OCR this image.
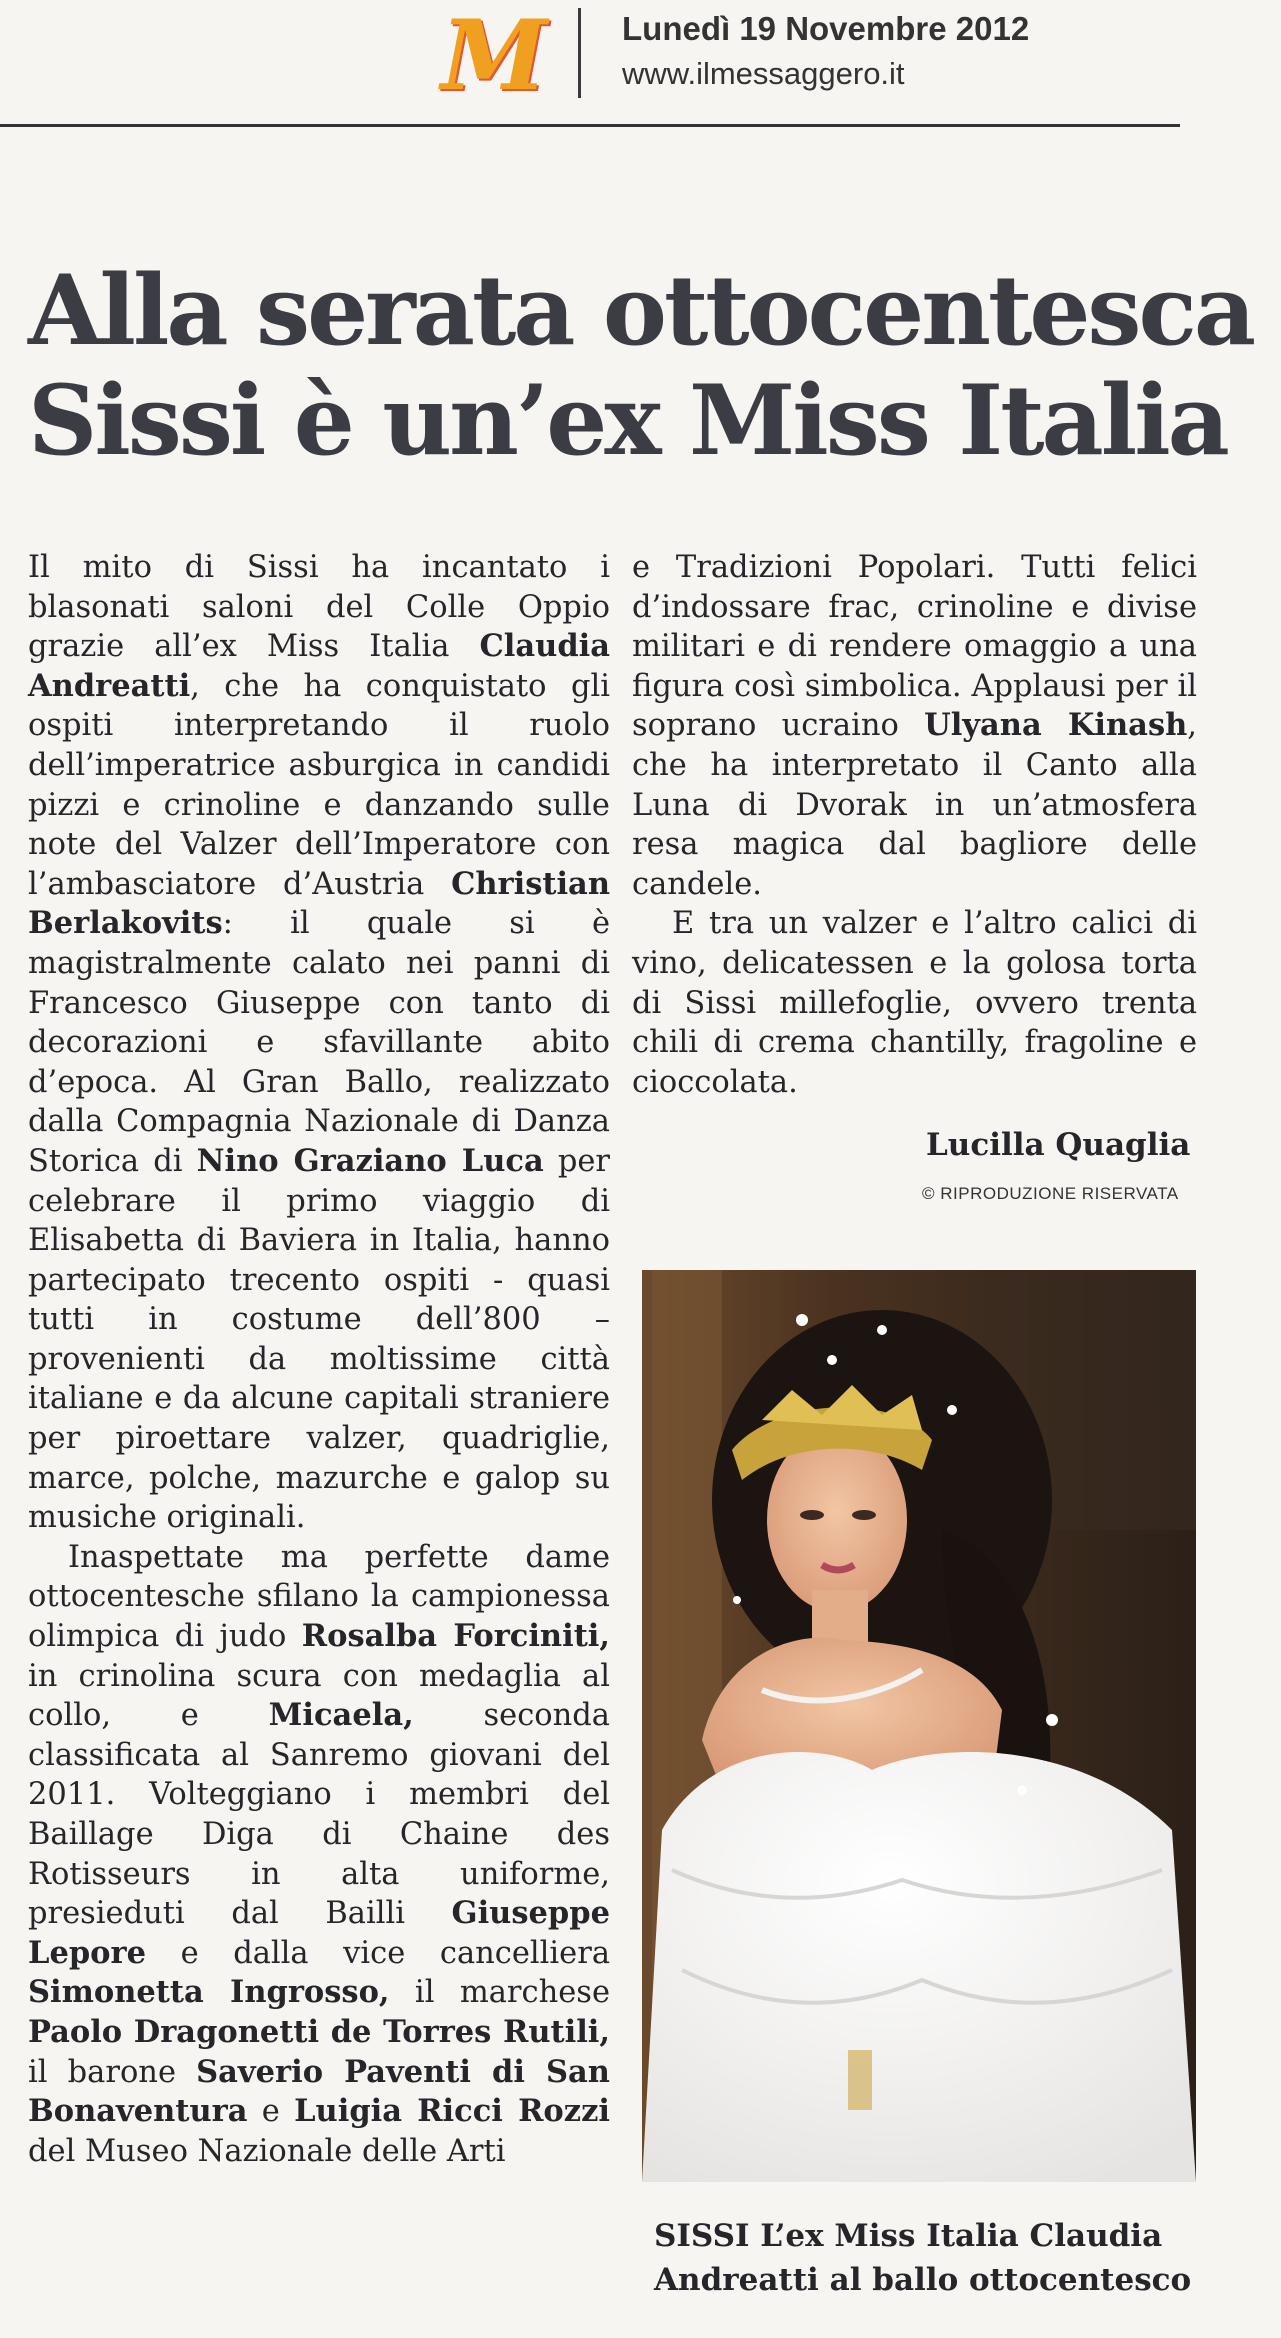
M Lunedì 19 Novembre 2012
www.ilmessaggero.it
Alla serata ottocentesca
Sissi è un’ex Miss Italia

Il mito di Sissi ha incantato i blasonati saloni del Colle Oppio grazie all’ex Miss Italia Claudia Andreatti, che ha conquistato gli ospiti interpretando il ruolo dell’imperatrice asburgica in candidi pizzi e crinoline e danzando sulle note del Valzer dell’Imperatore con l’ambasciatore d’Austria Christian Berlakovits: il quale si è magistralmente calato nei panni di Francesco Giuseppe con tanto di decorazioni e sfavillante abito d’epoca. Al Gran Ballo, realizzato dalla Compagnia Nazionale di Danza Storica di Nino Graziano Luca per celebrare il primo viaggio di Elisabetta di Baviera in Italia, hanno partecipato trecento ospiti - quasi tutti in costume dell’800 – provenienti da moltissime città italiane e da alcune capitali straniere per piroettare valzer, quadriglie, marce, polche, mazurche e galop su musiche originali.

Inaspettate ma perfette dame ottocentesche sfilano la campionessa olimpica di judo Rosalba Forciniti, in crinolina scura con medaglia al collo, e Micaela, seconda classificata al Sanremo giovani del 2011. Volteggiano i membri del Baillage Diga di Chaine des Rotisseurs in alta uniforme, presieduti dal Bailli Giuseppe Lepore e dalla vice cancelliera Simonetta Ingrosso, il marchese Paolo Dragonetti de Torres Rutili, il barone Saverio Paventi di San Bonaventura e Luigia Ricci Rozzi del Museo Nazionale delle Arti

e Tradizioni Popolari. Tutti felici d’indossare frac, crinoline e divise militari e di rendere omaggio a una figura così simbolica. Applausi per il soprano ucraino Ulyana Kinash, che ha interpretato il Canto alla Luna di Dvorak in un’atmosfera resa magica dal bagliore delle candele.

E tra un valzer e l’altro calici di vino, delicatessen e la golosa torta di Sissi millefoglie, ovvero trenta chili di crema chantilly, fragoline e cioccolata.

Lucilla Quaglia
© RIPRODUZIONE RISERVATA
SISSI L’ex Miss Italia Claudia
Andreatti al ballo ottocentesco
